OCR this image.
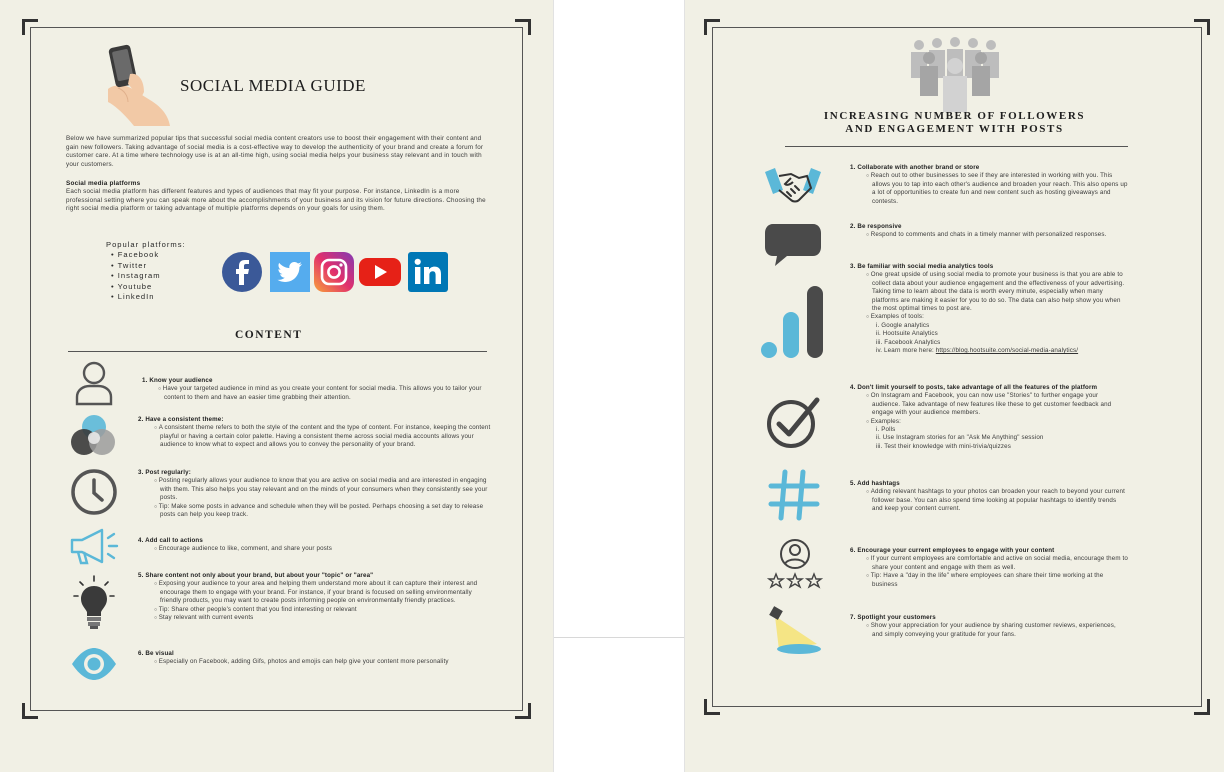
SOCIAL MEDIA GUIDE
Below we have summarized popular tips that successful social media content creators use to boost their engagement with their content and gain new followers. Taking advantage of social media is a cost-effective way to develop the authenticity of your brand and create a forum for customer care. At a time where technology use is at an all-time high, using social media helps your business stay relevant and in touch with your customers.
Social media platforms
Each social media platform has different features and types of audiences that may fit your purpose. For instance, LinkedIn is a more professional setting where you can speak more about the accomplishments of your business and its vision for future directions. Choosing the right social media platform or taking advantage of multiple platforms depends on your goals for using them.
Popular platforms:
• Facebook
• Twitter
• Instagram
• Youtube
• LinkedIn
CONTENT
1. Know your audience
○ Have your targeted audience in mind as you create your content for social media. This allows you to tailor your content to them and have an easier time grabbing their attention.
2. Have a consistent theme:
○ A consistent theme refers to both the style of the content and the type of content. For instance, keeping the content playful or having a certain color palette. Having a consistent theme across social media accounts allows your audience to know what to expect and allows you to convey the personality of your brand.
3. Post regularly:
○ Posting regularly allows your audience to know that you are active on social media and are interested in engaging with them. This also helps you stay relevant and on the minds of your consumers when they consistently see your posts.
○ Tip: Make some posts in advance and schedule when they will be posted. Perhaps choosing a set day to release posts can help you keep track.
4. Add call to actions
○ Encourage audience to like, comment, and share your posts
5. Share content not only about your brand, but about your "topic" or "area"
○ Exposing your audience to your area and helping them understand more about it can capture their interest and encourage them to engage with your brand. For instance, if your brand is focused on selling environmentally friendly products, you may want to create posts informing people on environmentally friendly practices.
○ Tip: Share other people's content that you find interesting or relevant
○ Stay relevant with current events
6. Be visual
○ Especially on Facebook, adding Gifs, photos and emojis can help give your content more personality
INCREASING NUMBER OF FOLLOWERS
AND ENGAGEMENT WITH POSTS
1. Collaborate with another brand or store
○ Reach out to other businesses to see if they are interested in working with you. This allows you to tap into each other's audience and broaden your reach. This also opens up a lot of opportunities to create fun and new content such as hosting giveaways and contests.
2. Be responsive
○ Respond to comments and chats in a timely manner with personalized responses.
3. Be familiar with social media analytics tools
○ One great upside of using social media to promote your business is that you are able to collect data about your audience engagement and the effectiveness of your advertising. Taking time to learn about the data is worth every minute, especially when many platforms are making it easier for you to do so. The data can also help show you when the most optimal times to post are.
○ Examples of tools:
i. Google analytics
ii. Hootsuite Analytics
iii. Facebook Analytics
iv. Learn more here: https://blog.hootsuite.com/social-media-analytics/
4. Don't limit yourself to posts, take advantage of all the features of the platform
○ On Instagram and Facebook, you can now use "Stories" to further engage your audience. Take advantage of new features like these to get customer feedback and engage with your audience members.
○ Examples:
i. Polls
ii. Use Instagram stories for an "Ask Me Anything" session
iii. Test their knowledge with mini-trivia/quizzes
5. Add hashtags
○ Adding relevant hashtags to your photos can broaden your reach to beyond your current follower base. You can also spend time looking at popular hashtags to identify trends and keep your content current.
6. Encourage your current employees to engage with your content
○ If your current employees are comfortable and active on social media, encourage them to share your content and engage with them as well.
○ Tip: Have a "day in the life" where employees can share their time working at the business
7. Spotlight your customers
○ Show your appreciation for your audience by sharing customer reviews, experiences, and simply conveying your gratitude for your fans.
